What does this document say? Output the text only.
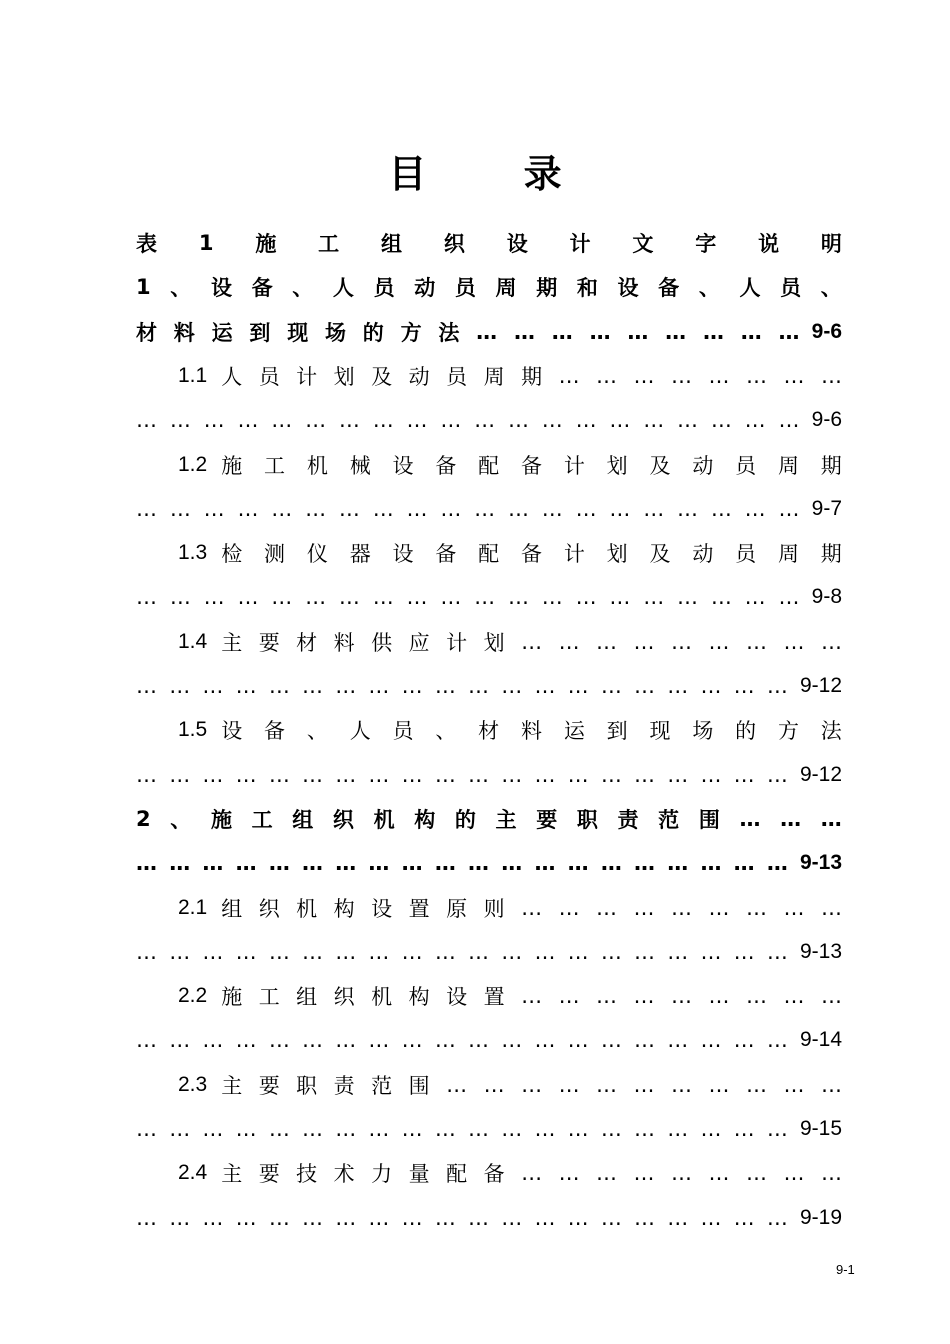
目 录
表 1 施 工 组 织 设 计 文 字 说 明
1 、 设 备 、 人 员 动 员 周 期 和 设 备 、 人 员 、
材 料 运 到 现 场 的 方 法 … … … … … … … … … 9-6
1.1 人 员 计 划 及 动 员 周 期 … … … … … … … …
… … … … … … … … … … … … … … … … … … … … 9-6
1.2 施 工 机 械 设 备 配 备 计 划 及 动 员 周 期
… … … … … … … … … … … … … … … … … … … … 9-7
1.3 检 测 仪 器 设 备 配 备 计 划 及 动 员 周 期
… … … … … … … … … … … … … … … … … … … … 9-8
1.4 主 要 材 料 供 应 计 划 … … … … … … … … …
… … … … … … … … … … … … … … … … … … … … 9-12
1.5 设 备 、 人 员 、 材 料 运 到 现 场 的 方 法
… … … … … … … … … … … … … … … … … … … … 9-12
2 、 施 工 组 织 机 构 的 主 要 职 责 范 围 … … …
… … … … … … … … … … … … … … … … … … … … 9-13
2.1 组 织 机 构 设 置 原 则 … … … … … … … … …
… … … … … … … … … … … … … … … … … … … … 9-13
2.2 施 工 组 织 机 构 设 置 … … … … … … … … …
… … … … … … … … … … … … … … … … … … … … 9-14
2.3 主 要 职 责 范 围 … … … … … … … … … … …
… … … … … … … … … … … … … … … … … … … … 9-15
2.4 主 要 技 术 力 量 配 备 … … … … … … … … …
… … … … … … … … … … … … … … … … … … … … 9-19
9-1
